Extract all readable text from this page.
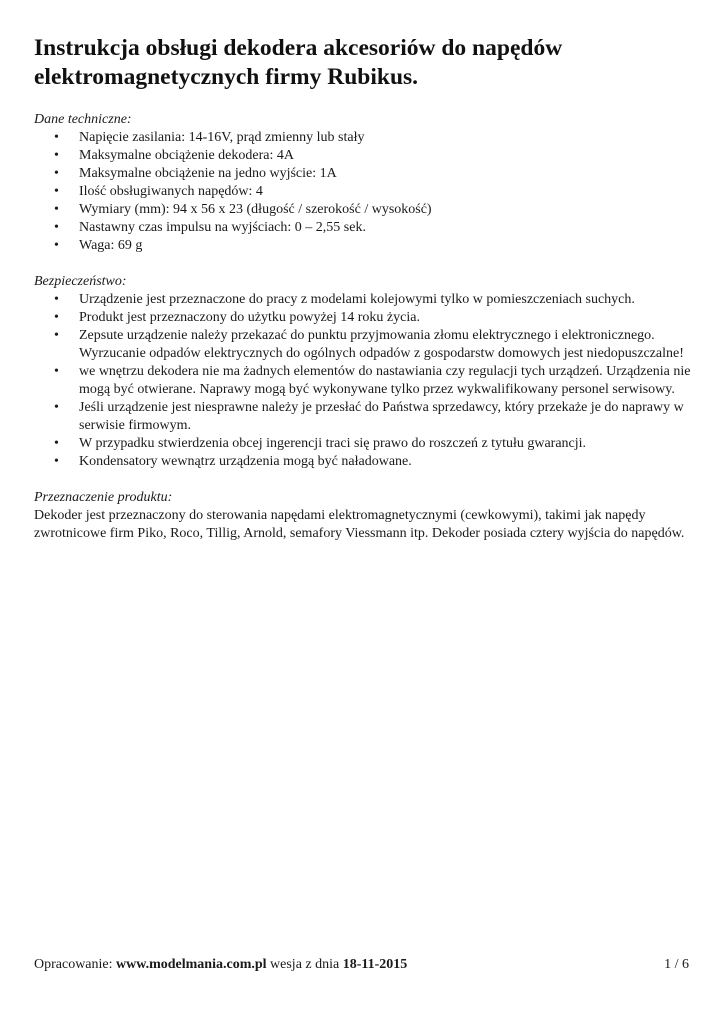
Instrukcja obsługi dekodera akcesoriów do napędów elektromagnetycznych firmy Rubikus.

Dane techniczne:

• Napięcie zasilania: 14-16V, prąd zmienny lub stały
• Maksymalne obciążenie dekodera: 4A
• Maksymalne obciążenie na jedno wyjście: 1A
• Ilość obsługiwanych napędów: 4
• Wymiary (mm): 94 x 56 x 23 (długość / szerokość / wysokość)
• Nastawny czas impulsu na wyjściach: 0 – 2,55 sek.
• Waga: 69 g

Bezpieczeństwo:

• Urządzenie jest przeznaczone do pracy z modelami kolejowymi tylko w pomieszczeniach suchych.
• Produkt jest przeznaczony do użytku powyżej 14 roku życia.
• Zepsute urządzenie należy przekazać do punktu przyjmowania złomu elektrycznego i elektronicznego. Wyrzucanie odpadów elektrycznych do ogólnych odpadów z gospodarstw domowych jest niedopuszczalne!
• we wnętrzu dekodera nie ma żadnych elementów do nastawiania czy regulacji tych urządzeń. Urządzenia nie mogą być otwierane. Naprawy mogą być wykonywane tylko przez wykwalifikowany personel serwisowy.
• Jeśli urządzenie jest niesprawne należy je przesłać do Państwa sprzedawcy, który przekaże je do naprawy w serwisie firmowym.
• W przypadku stwierdzenia obcej ingerencji traci się prawo do roszczeń z tytułu gwarancji.
• Kondensatory wewnątrz urządzenia mogą być naładowane.

Przeznaczenie produktu:

Dekoder jest przeznaczony do sterowania napędami elektromagnetycznymi (cewkowymi), takimi jak napędy zwrotnicowe firm Piko, Roco, Tillig, Arnold, semafory Viessmann itp. Dekoder posiada cztery wyjścia do napędów.

Opracowanie: www.modelmania.com.pl wesja z dnia 18-11-2015	1 / 6
